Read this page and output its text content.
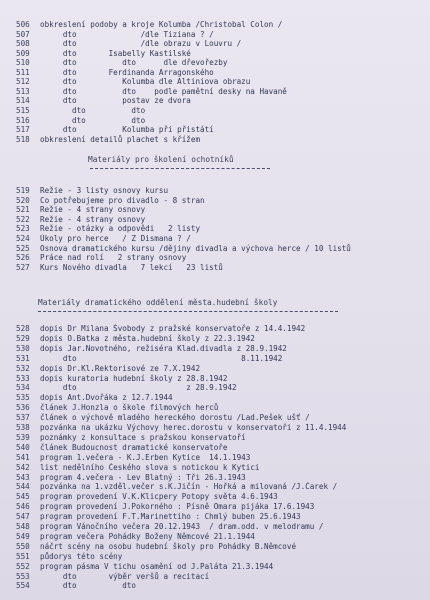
506	obkreslení podoby a kroje Kolumba /Christobal Colon /
507	dto              /dle Tiziana ? /
508	dto              /dle obrazu v Louvru /
509	dto       Isabelly Kastilské
510	dto          dto      dle dřevořezby
511	dto       Ferdinanda Arragonského
512	dto          Kolumba dle Altiniova obrazu
513	dto          dto    podle pamětní desky na Havaně
514	dto          postav ze dvora
515	dto          dto
516	dto          dto
517	dto          Kolumba při přistátí
518	obkreslení detailů plachet s křížem
Materiály pro školení ochotníků
519	Režie - 3 listy osnovy kursu
520	Co potřebujeme pro divadlo - 8 stran
521	Režie - 4 strany osnovy
522	Režie - 4 strany osnovy
523	Režie - otázky a odpovědi   2 listy
524	Úkoly pro herce   / Z Dismana ? /
525	Osnova dramatického kursu /dějiny divadla a výchova herce / 10 listů
526	Práce nad rolí   2 strany osnovy
527	Kurs Nového divadla   7 lekcí   23 listů
Materiály dramatického oddělení města.hudební školy
528	dopis Dr Milana Švobody z pražské konservatoře z 14.4.1942
529	dopis O.Batka z města.hudební školy z 22.3.1942
530	dopis Jar.Novotného, režiséra Klad.divadla z 28.9.1942
531	dto                                    8.11.1942
532	dopis Dr.Kl.Rektorisové ze 7.X.1942
533	dopis kuratoria hudební školy z 28.8.1942
534	dto                        z 28.9.1942
535	dopis Ant.Dvořáka z 12.7.1944
536	článek J.Honzla o škole filmových herců
537	článek o výchově mladého hereckého dorostu /Lad.Pešek ušť /
538	pozvánka na ukázku Výchovy herec.dorostu v konservatoři z 11.4.1944
539	poznámky z konsultace s pražskou konservatoří
540	článek Budoucnost dramatické konservatoře
541	program 1.večera - K.J.Erben Kytice  14.1.1943
542	list nedělního Českého slova s notickou k Kytici
543	program 4.večera - Lev Blatný : Tři 26.3.1943
544	pozvánka na 1.vzděl.večer s.K.Jičín - Hořká a milovaná /J.Čarek /
545	program provedení V.K.Klicpery Potopy světa 4.6.1943
546	program provedení J.Pokorného : Písně Omara pijáka 17.6.1943
547	program provedení F.T.Marinettiho : Chmlý buben 25.6.1943
548	program Vánočního večera 20.12.1943  / dram.odd. v melodramu /
549	program večera Pohádky Boženy Němcové 21.1.1944
550	náčrt scény na osobu hudební školy pro Pohádky B.Němcové
551	půdorys této scény
552	program pásma V tichu osamění od J.Paláta 21.3.1944
553	dto       výběr veršů a recitací
554	dto          dto
